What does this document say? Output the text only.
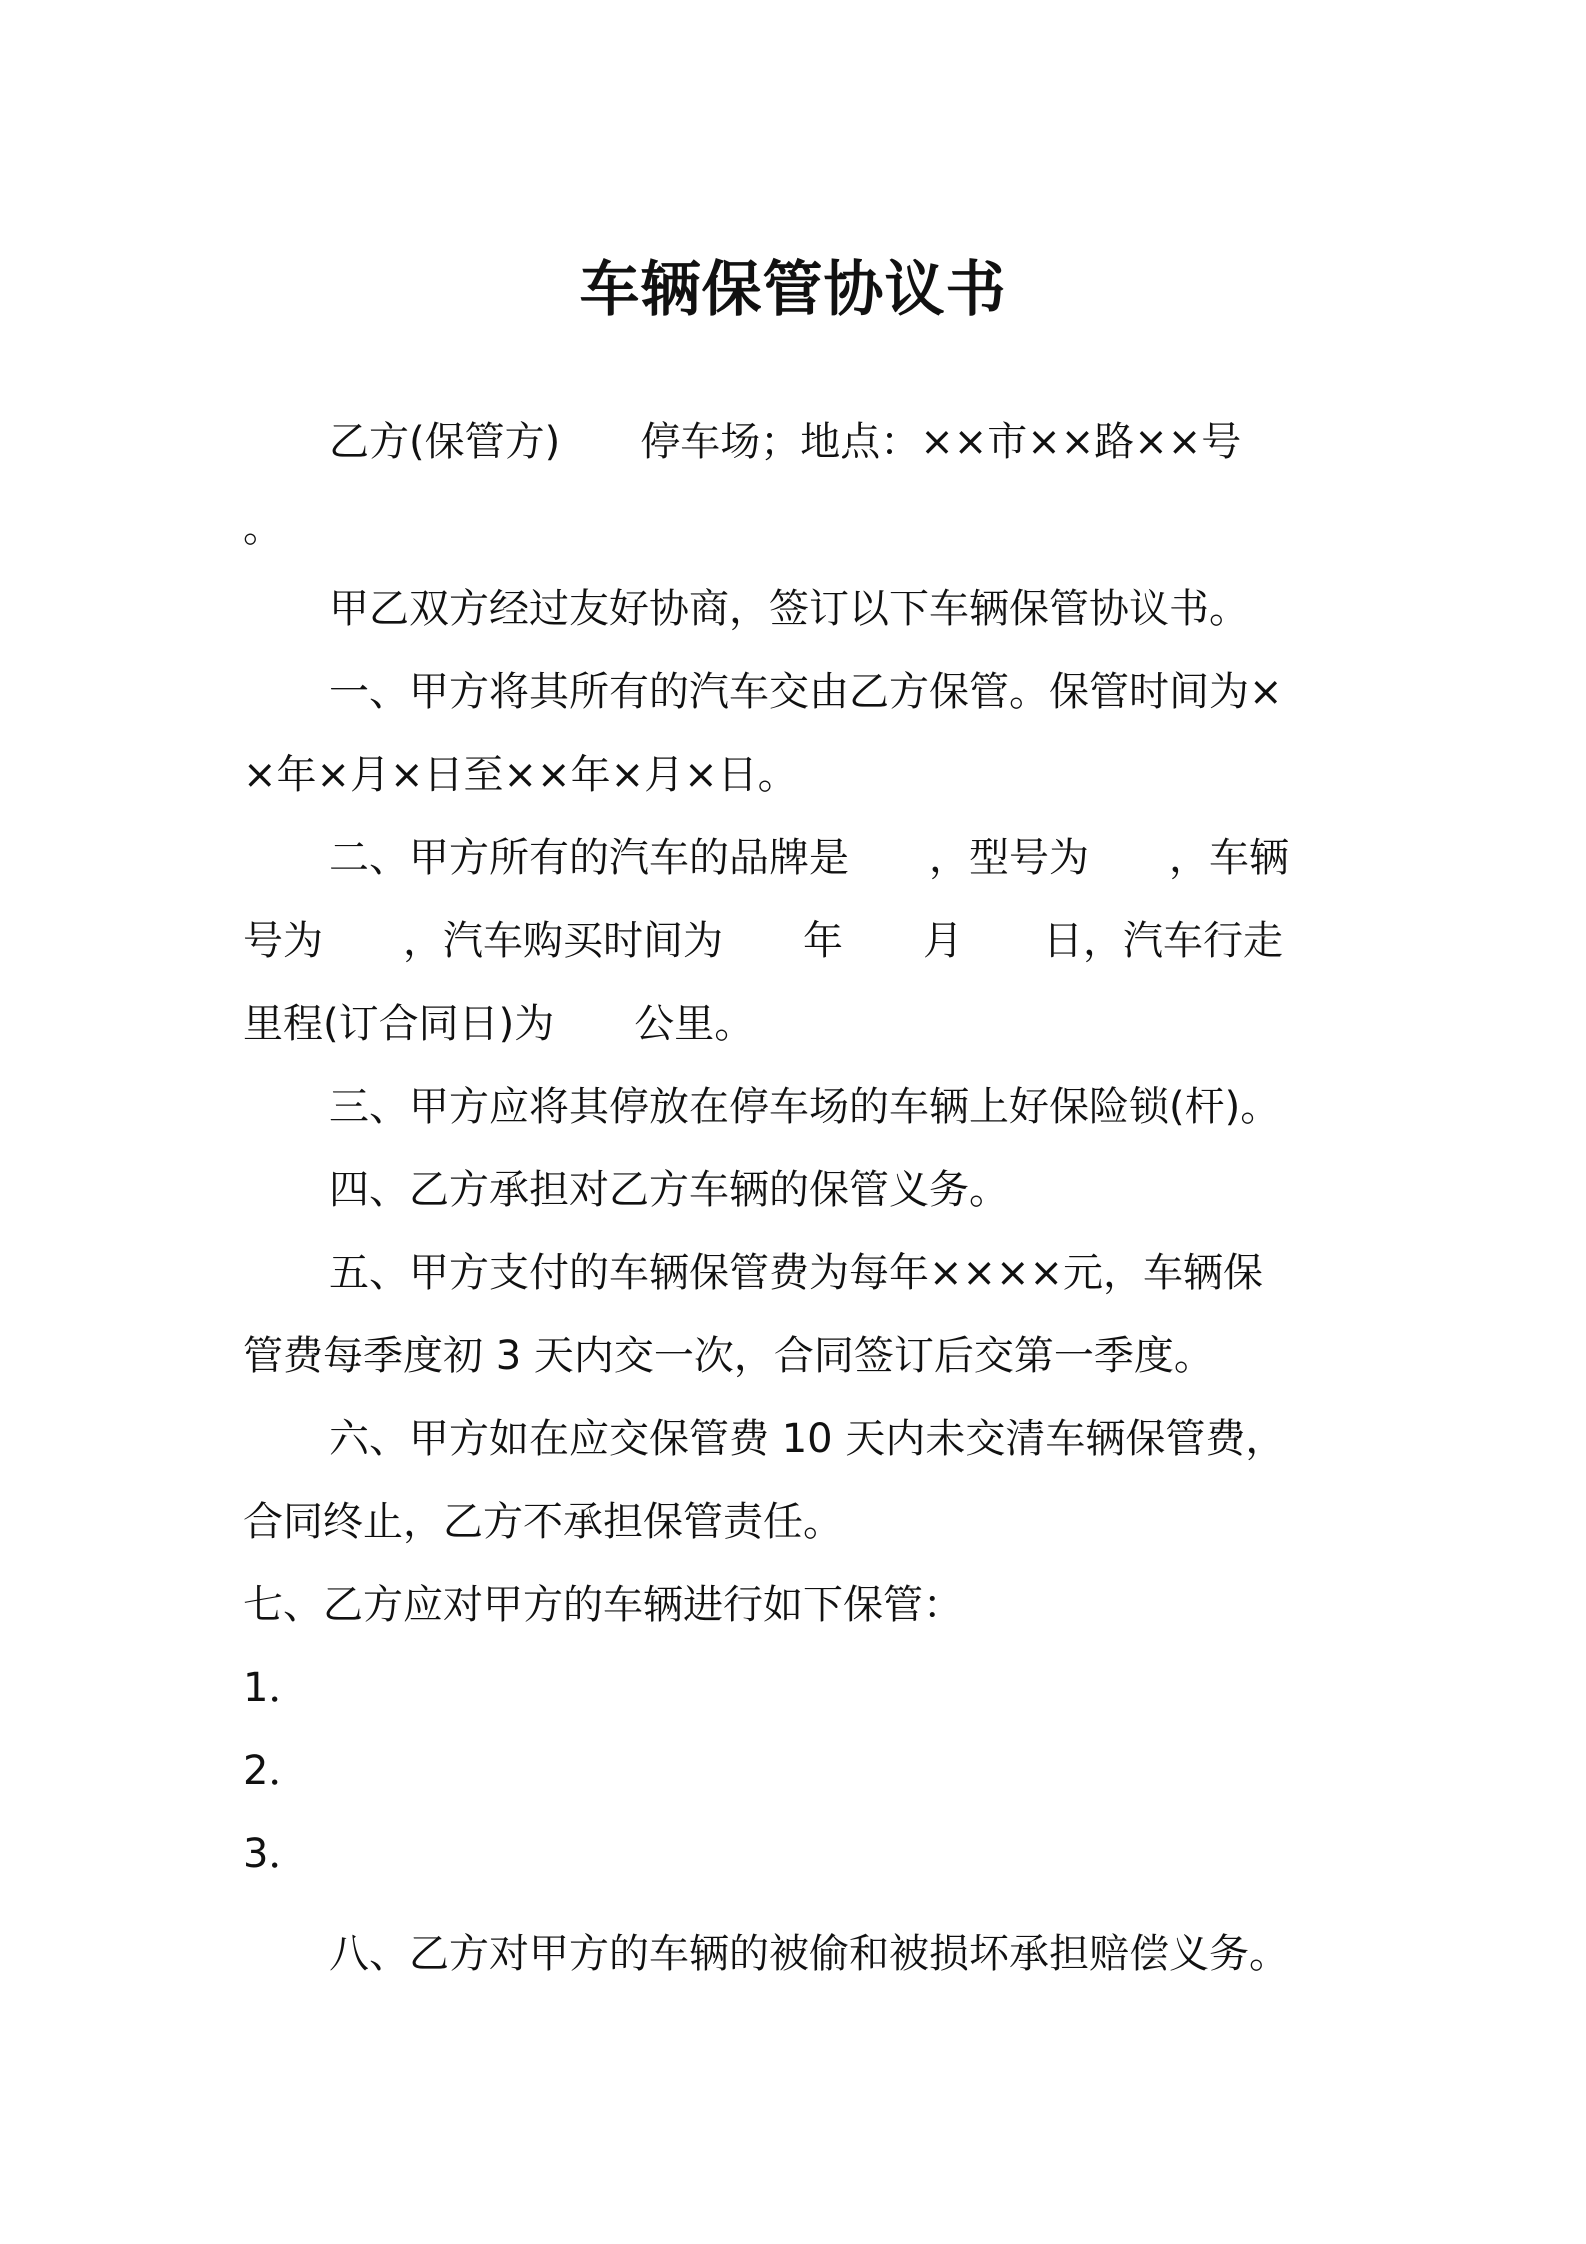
车辆保管协议书
乙方(保管方)　　停车场；地点：××市××路××号
。
甲乙双方经过友好协商，签订以下车辆保管协议书。
一、甲方将其所有的汽车交由乙方保管。保管时间为×
×年×月×日至××年×月×日。
二、甲方所有的汽车的品牌是　　，型号为　　，车辆
号为　　，汽车购买时间为　　年　　月　　日，汽车行走
里程(订合同日)为　　公里。
三、甲方应将其停放在停车场的车辆上好保险锁(杆)。
四、乙方承担对乙方车辆的保管义务。
五、甲方支付的车辆保管费为每年××××元，车辆保
管费每季度初 3 天内交一次，合同签订后交第一季度。
六、甲方如在应交保管费 10 天内未交清车辆保管费，
合同终止，乙方不承担保管责任。
七、乙方应对甲方的车辆进行如下保管：
1．
2．
3．
八、乙方对甲方的车辆的被偷和被损坏承担赔偿义务。
